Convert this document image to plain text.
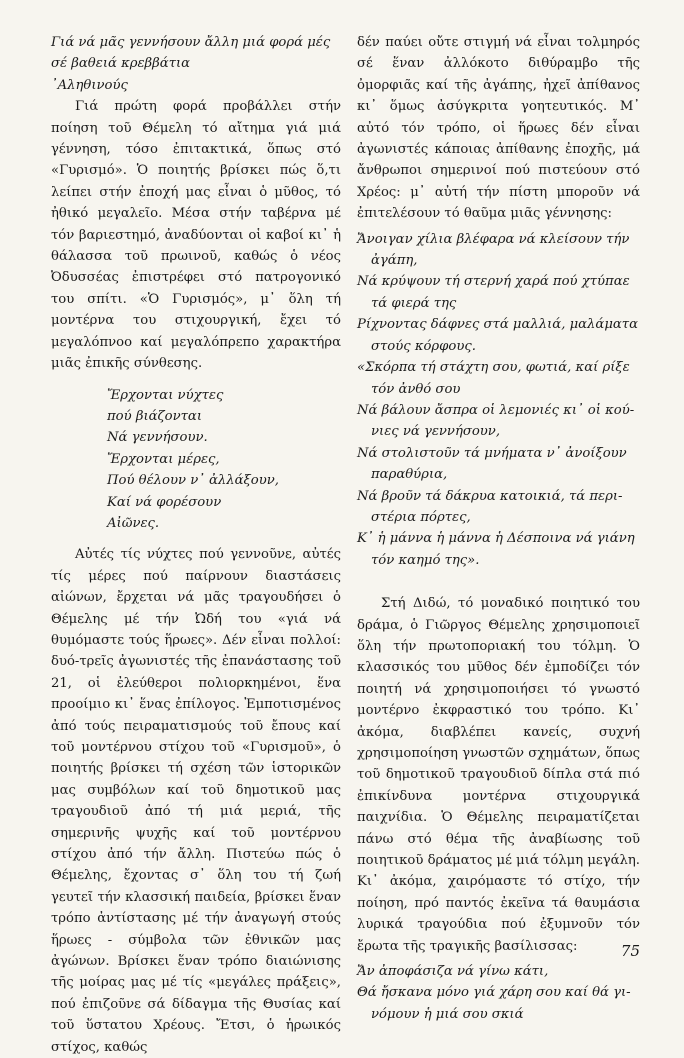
Γιά νά μᾶς γεννήσουν ἄλλη μιά φορά μές σέ βαθειά κρεββάτια

᾿Αληθινούς

Γιά πρώτη φορά προβάλλει στήν ποίηση τοῦ Θέμελη τό αἴτημα γιά μιά γέννηση, τόσο ἐπιτακτικά, ὅπως στό «Γυρισμό». Ὁ ποιητής βρίσκει πώς ὅ,τι λείπει στήν ἐποχή μας εἶναι ὁ μῦθος, τό ἠθικό μεγαλεῖο. Μέσα στήν ταβέρνα μέ τόν βαριεστημό, ἀναδύονται οἱ καβοί κι᾿ ἡ θάλασσα τοῦ πρωινοῦ, καθώς ὁ νέος Ὀδυσσέας ἐπιστρέφει στό πατρογονικό του σπίτι. «Ὁ Γυρισμός», μ᾿ ὅλη τή μοντέρνα του στιχουργική, ἔχει τό μεγαλόπνοο καί μεγαλόπρεπο χαρακτήρα μιᾶς ἐπικῆς σύνθεσης.

Ἔρχονται νύχτες
πού βιάζονται
Νά γεννήσουν.
Ἔρχονται μέρες,
Πού θέλουν ν᾿ ἀλλάξουν,
Καί νά φορέσουν
Αἰῶνες.

Αὐτές τίς νύχτες πού γεννοῦνε, αὐτές τίς μέρες πού παίρνουν διαστάσεις αἰώνων, ἔρχεται νά μᾶς τραγουδήσει ὁ Θέμελης μέ τήν Ὠδή του «γιά νά θυμόμαστε τούς ἥρωες». Δέν εἶναι πολλοί: δυό-τρεῖς ἀγωνιστές τῆς ἐπανάστασης τοῦ 21, οἱ ἐλεύθεροι πολιορκημένοι, ἕνα προοίμιο κι᾿ ἕνας ἐπίλογος. Ἐμποτισμένος ἀπό τούς πειραματισμούς τοῦ ἔπους καί τοῦ μοντέρνου στίχου τοῦ «Γυρισμοῦ», ὁ ποιητής βρίσκει τή σχέση τῶν ἱστορικῶν μας συμβόλων καί τοῦ δημοτικοῦ μας τραγουδιοῦ ἀπό τή μιά μεριά, τῆς σημερινῆς ψυχῆς καί τοῦ μοντέρνου στίχου ἀπό τήν ἄλλη. Πιστεύω πώς ὁ Θέμελης, ἔχοντας σ᾿ ὅλη του τή ζωή γευτεῖ τήν κλασσική παιδεία, βρίσκει ἕναν τρόπο ἀντίστασης μέ τήν ἀναγωγή στούς ἥρωες - σύμβολα τῶν ἐθνικῶν μας ἀγώνων. Βρίσκει ἕναν τρόπο διαιώνισης τῆς μοίρας μας μέ τίς «μεγάλες πράξεις», πού ἐπιζοῦνε σά δίδαγμα τῆς Θυσίας καί τοῦ ὕστατου Χρέους. Ἔτσι, ὁ ἡρωικός στίχος, καθώς

δέν παύει οὔτε στιγμή νά εἶναι τολμηρός σέ ἕναν ἀλλόκοτο διθύραμβο τῆς ὀμορφιᾶς καί τῆς ἀγάπης, ἠχεῖ ἀπίθανος κι᾿ ὅμως ἀσύγκριτα γοητευτικός. Μ᾿ αὐτό τόν τρόπο, οἱ ἥρωες δέν εἶναι ἀγωνιστές κάποιας ἀπίθανης ἐποχῆς, μά ἄνθρωποι σημερινοί πού πιστεύουν στό Χρέος: μ᾿ αὐτή τήν πίστη μποροῦν νά ἐπιτελέσουν τό θαῦμα μιᾶς γέννησης:

Ἄνοιγαν χίλια βλέφαρα νά κλείσουν τήν
ἀγάπη,
Νά κρύψουν τή στερνή χαρά πού χτύπαε
τά φιερά της
Ρίχνοντας δάφνες στά μαλλιά, μαλάματα
στούς κόρφους.
«Σκόρπα τή στάχτη σου, φωτιά, καί ρίξε
τόν ἀνθό σου
Νά βάλουν ἄσπρα οἱ λεμονιές κι᾿ οἱ κού-
νιες νά γεννήσουν,
Νά στολιστοῦν τά μνήματα ν᾿ ἀνοίξουν
παραθύρια,
Νά βροῦν τά δάκρυα κατοικιά, τά περι-
στέρια πόρτες,
Κ᾿ ἡ μάννα ἡ μάννα ἡ Δέσποινα νά γιάνη
τόν καημό της».

Στή Διδώ, τό μοναδικό ποιητικό του δράμα, ὁ Γιῶργος Θέμελης χρησιμοποιεῖ ὅλη τήν πρωτοποριακή του τόλμη. Ὁ κλασσικός του μῦθος δέν ἐμποδίζει τόν ποιητή νά χρησιμοποιήσει τό γνωστό μοντέρνο ἐκφραστικό του τρόπο. Κι᾿ ἀκόμα, διαβλέπει κανείς, συχνή χρησιμοποίηση γνωστῶν σχημάτων, ὅπως τοῦ δημοτικοῦ τραγουδιοῦ δίπλα στά πιό ἐπικίνδυνα μοντέρνα στιχουργικά παιχνίδια. Ὁ Θέμελης πειραματίζεται πάνω στό θέμα τῆς ἀναβίωσης τοῦ ποιητικοῦ δράματος μέ μιά τόλμη μεγάλη. Κι᾿ ἀκόμα, χαιρόμαστε τό στίχο, τήν ποίηση, πρό παντός ἐκεῖνα τά θαυμάσια λυρικά τραγούδια πού ἐξυμνοῦν τόν ἔρωτα τῆς τραγικῆς βασίλισσας:

Ἄν ἀποφάσιζα νά γίνω κάτι,
Θά ἤσκανα μόνο γιά χάρη σου καί θά γι-
νόμουν ἡ μιά σου σκιά
75
